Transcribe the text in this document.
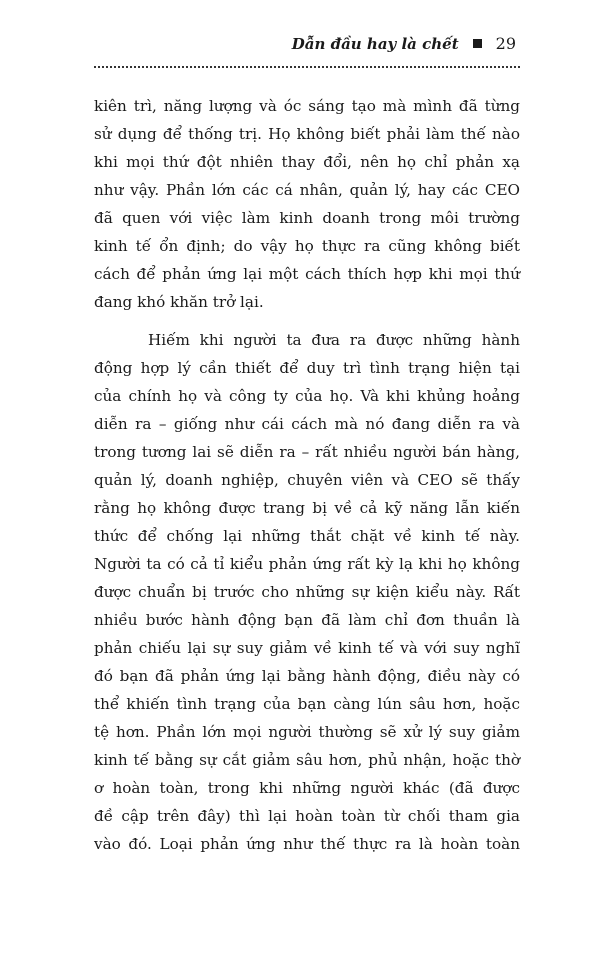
Dẫn đầu hay là chết 29
kiên trì, năng lượng và óc sáng tạo mà mình đã từng
sử dụng để thống trị. Họ không biết phải làm thế nào
khi mọi thứ đột nhiên thay đổi, nên họ chỉ phản xạ
như vậy. Phần lớn các cá nhân, quản lý, hay các CEO
đã quen với việc làm kinh doanh trong môi trường
kinh tế ổn định; do vậy họ thực ra cũng không biết
cách để phản ứng lại một cách thích hợp khi mọi thứ
đang khó khăn trở lại.
Hiếm khi người ta đưa ra được những hành
động hợp lý cần thiết để duy trì tình trạng hiện tại
của chính họ và công ty của họ. Và khi khủng hoảng
diễn ra – giống như cái cách mà nó đang diễn ra và
trong tương lai sẽ diễn ra – rất nhiều người bán hàng,
quản lý, doanh nghiệp, chuyên viên và CEO sẽ thấy
rằng họ không được trang bị về cả kỹ năng lẫn kiến
thức để chống lại những thắt chặt về kinh tế này.
Người ta có cả tỉ kiểu phản ứng rất kỳ lạ khi họ không
được chuẩn bị trước cho những sự kiện kiểu này. Rất
nhiều bước hành động bạn đã làm chỉ đơn thuần là
phản chiếu lại sự suy giảm về kinh tế và với suy nghĩ
đó bạn đã phản ứng lại bằng hành động, điều này có
thể khiến tình trạng của bạn càng lún sâu hơn, hoặc
tệ hơn. Phần lớn mọi người thường sẽ xử lý suy giảm
kinh tế bằng sự cắt giảm sâu hơn, phủ nhận, hoặc thờ
ơ hoàn toàn, trong khi những người khác (đã được
đề cập trên đây) thì lại hoàn toàn từ chối tham gia
vào đó. Loại phản ứng như thế thực ra là hoàn toàn
